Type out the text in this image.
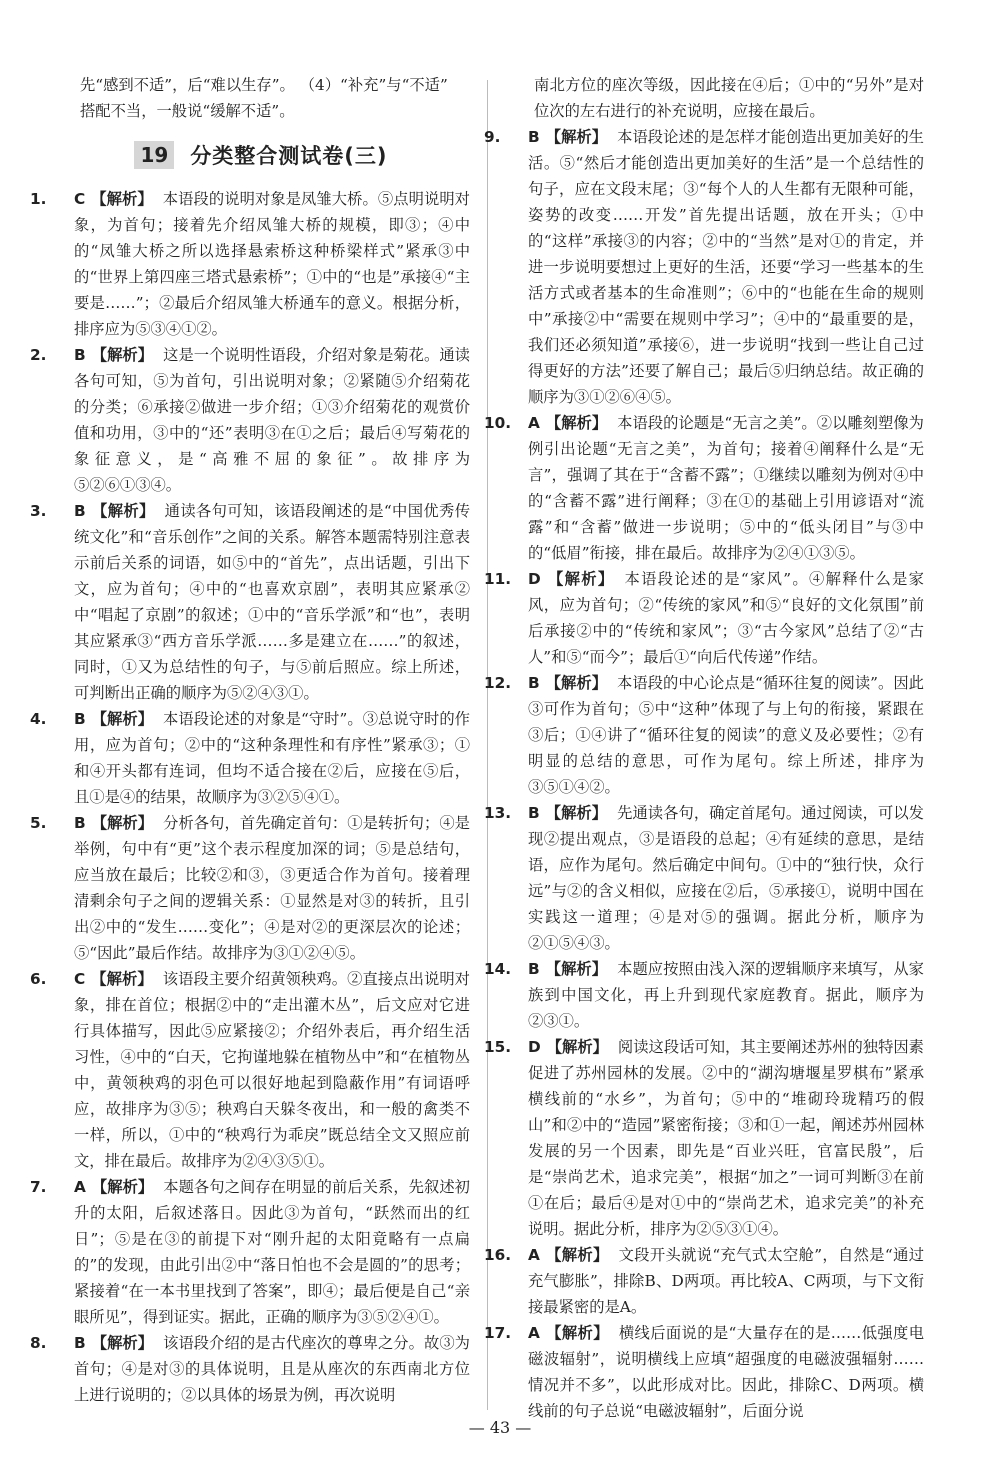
先“感到不适”，后“难以生存”。 （4）“补充”与“不适”

搭配不当，一般说“缓解不适”。

19 分类整合测试卷(三)

1. C 【解析】 本语段的说明对象是凤雏大桥。⑤点明说明对象，为首句；接着先介绍凤雏大桥的规模，即③；④中的“凤雏大桥之所以选择悬索桥这种桥梁样式”紧承③中的“世界上第四座三塔式悬索桥”；①中的“也是”承接④“主要是……”；②最后介绍凤雏大桥通车的意义。根据分析，排序应为⑤③④①②。

2. B 【解析】 这是一个说明性语段，介绍对象是菊花。通读各句可知，⑤为首句，引出说明对象；②紧随⑤介绍菊花的分类；⑥承接②做进一步介绍；①③介绍菊花的观赏价值和功用，③中的“还”表明③在①之后；最后④写菊花的象征意义，是“高雅不屈的象征”。故排序为⑤②⑥①③④。

3. B 【解析】 通读各句可知，该语段阐述的是“中国优秀传统文化”和“音乐创作”之间的关系。解答本题需特别注意表示前后关系的词语，如⑤中的“首先”，点出话题，引出下文，应为首句；④中的“也喜欢京剧”，表明其应紧承②中“唱起了京剧”的叙述；①中的“音乐学派”和“也”，表明其应紧承③“西方音乐学派……多是建立在……”的叙述，同时，①又为总结性的句子，与⑤前后照应。综上所述，可判断出正确的顺序为⑤②④③①。

4. B 【解析】 本语段论述的对象是“守时”。③总说守时的作用，应为首句；②中的“这种条理性和有序性”紧承③；①和④开头都有连词，但均不适合接在②后，应接在⑤后，且①是④的结果，故顺序为③②⑤④①。

5. B 【解析】 分析各句，首先确定首句：①是转折句；④是举例，句中有“更”这个表示程度加深的词；⑤是总结句，应当放在最后；比较②和③，③更适合作为首句。接着理清剩余句子之间的逻辑关系：①显然是对③的转折，且引出②中的“发生……变化”；④是对②的更深层次的论述；⑤“因此”最后作结。故排序为③①②④⑤。

6. C 【解析】 该语段主要介绍黄领秧鸡。②直接点出说明对象，排在首位；根据②中的“走出灌木丛”，后文应对它进行具体描写，因此⑤应紧接②；介绍外表后，再介绍生活习性，④中的“白天，它拘谨地躲在植物丛中”和“在植物丛中，黄领秧鸡的羽色可以很好地起到隐蔽作用”有词语呼应，故排序为③⑤；秧鸡白天躲冬夜出，和一般的禽类不一样，所以，①中的“秧鸡行为乖戾”既总结全文又照应前文，排在最后。故排序为②④③⑤①。

7. A 【解析】 本题各句之间存在明显的前后关系，先叙述初升的太阳，后叙述落日。因此③为首句，“跃然而出的红日”；⑤是在③的前提下对“刚升起的太阳竟略有一点扁的”的发现，由此引出②中“落日怕也不会是圆的”的思考；紧接着“在一本书里找到了答案”，即④；最后便是自己“亲眼所见”，得到证实。据此，正确的顺序为③⑤②④①。

8. B 【解析】 该语段介绍的是古代座次的尊卑之分。故③为首句；④是对③的具体说明，且是从座次的东西南北方位上进行说明的；②以具体的场景为例，再次说明

南北方位的座次等级，因此接在④后；①中的“另外”是对位次的左右进行的补充说明，应接在最后。

9. B 【解析】 本语段论述的是怎样才能创造出更加美好的生活。⑤“然后才能创造出更加美好的生活”是一个总结性的句子，应在文段末尾；③“每个人的人生都有无限种可能，姿势的改变……开发”首先提出话题，放在开头；①中的“这样”承接③的内容；②中的“当然”是对①的肯定，并进一步说明要想过上更好的生活，还要“学习一些基本的生活方式或者基本的生命准则”；⑥中的“也能在生命的规则中”承接②中“需要在规则中学习”；④中的“最重要的是，我们还必须知道”承接⑥，进一步说明“找到一些让自己过得更好的方法”还要了解自己；最后⑤归纳总结。故正确的顺序为③①②⑥④⑤。

10. A 【解析】 本语段的论题是“无言之美”。②以雕刻塑像为例引出论题“无言之美”，为首句；接着④阐释什么是“无言”，强调了其在于“含蓄不露”；①继续以雕刻为例对④中的“含蓄不露”进行阐释；③在①的基础上引用谚语对“流露”和“含蓄”做进一步说明；⑤中的“低头闭目”与③中的“低眉”衔接，排在最后。故排序为②④①③⑤。

11. D 【解析】 本语段论述的是“家风”。④解释什么是家风，应为首句；②“传统的家风”和⑤“良好的文化氛围”前后承接②中的“传统和家风”；③“古今家风”总结了②“古人”和⑤“而今”；最后①“向后代传递”作结。

12. B 【解析】 本语段的中心论点是“循环往复的阅读”。因此③可作为首句；⑤中“这种”体现了与上句的衔接，紧跟在③后；①④讲了“循环往复的阅读”的意义及必要性；②有明显的总结的意思，可作为尾句。综上所述，排序为③⑤①④②。

13. B 【解析】 先通读各句，确定首尾句。通过阅读，可以发现②提出观点，③是语段的总起；④有延续的意思，是结语，应作为尾句。然后确定中间句。①中的“独行快，众行远”与②的含义相似，应接在②后，⑤承接①，说明中国在实践这一道理；④是对⑤的强调。据此分析，顺序为②①⑤④③。

14. B 【解析】 本题应按照由浅入深的逻辑顺序来填写，从家族到中国文化，再上升到现代家庭教育。据此，顺序为②③①。

15. D 【解析】 阅读这段话可知，其主要阐述苏州的独特因素促进了苏州园林的发展。②中的“湖沟塘堰星罗棋布”紧承横线前的“水乡”，为首句；⑤中的“堆砌玲珑精巧的假山”和②中的“造园”紧密衔接；③和①一起，阐述苏州园林发展的另一个因素，即先是“百业兴旺，官富民殷”，后是“崇尚艺术，追求完美”，根据“加之”一词可判断③在前①在后；最后④是对①中的“崇尚艺术，追求完美”的补充说明。据此分析，排序为②⑤③①④。

16. A 【解析】 文段开头就说“充气式太空舱”，自然是“通过充气膨胀”，排除B、D两项。再比较A、C两项，与下文衔接最紧密的是A。

17. A 【解析】 横线后面说的是“大量存在的是……低强度电磁波辐射”，说明横线上应填“超强度的电磁波强辐射……情况并不多”，以此形成对比。因此，排除C、D两项。横线前的句子总说“电磁波辐射”，后面分说

— 43 —
